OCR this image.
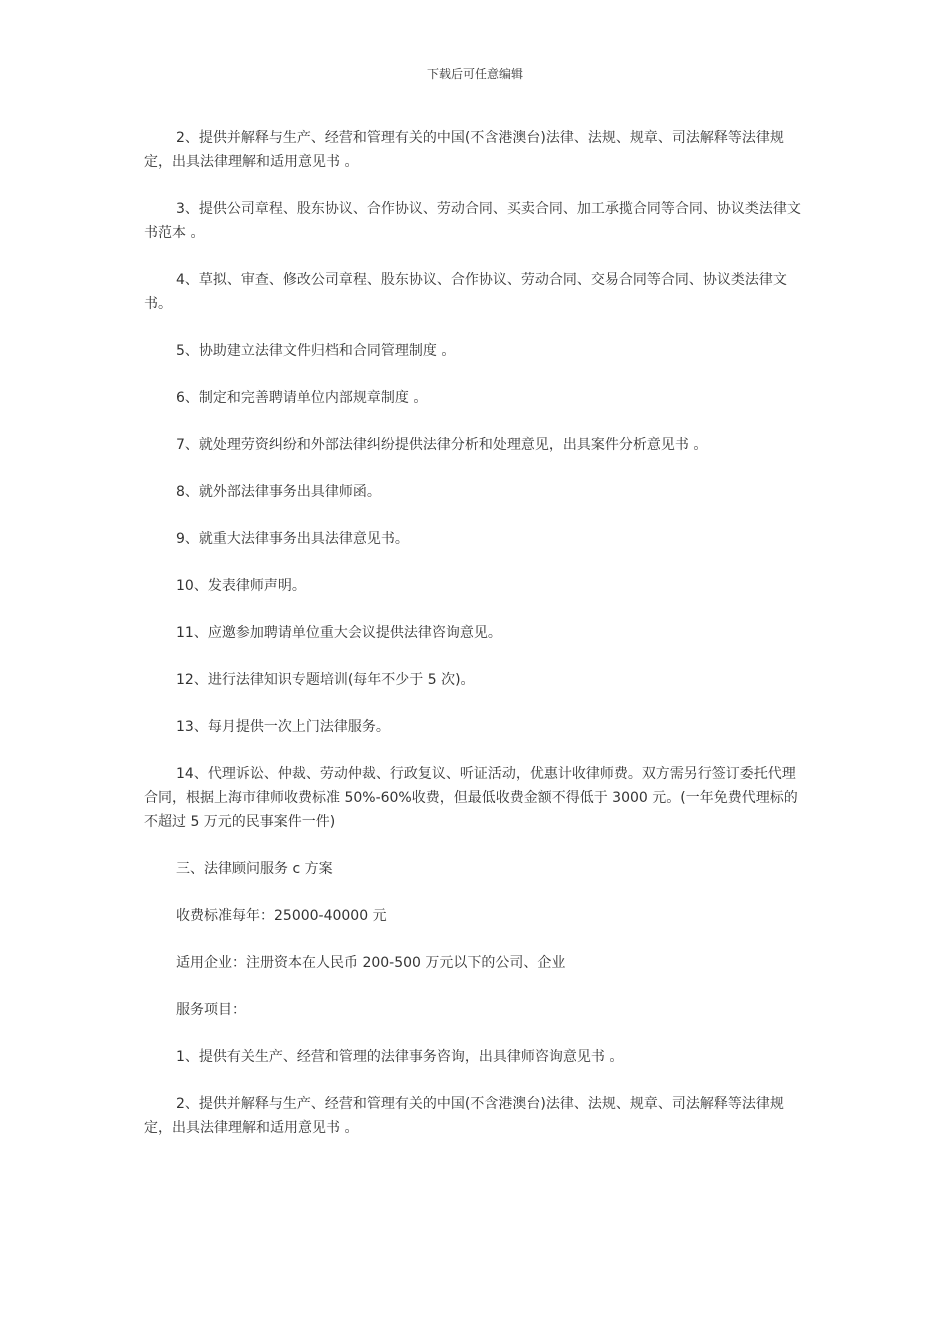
下载后可任意编辑

2、提供并解释与生产、经营和管理有关的中国(不含港澳台)法律、法规、规章、司法解释等法律规定，出具法律理解和适用意见书 。

3、提供公司章程、股东协议、合作协议、劳动合同、买卖合同、加工承揽合同等合同、协议类法律文书范本 。

4、草拟、审查、修改公司章程、股东协议、合作协议、劳动合同、交易合同等合同、协议类法律文书。

5、协助建立法律文件归档和合同管理制度 。

6、制定和完善聘请单位内部规章制度 。

7、就处理劳资纠纷和外部法律纠纷提供法律分析和处理意见，出具案件分析意见书 。

8、就外部法律事务出具律师函。

9、就重大法律事务出具法律意见书。

10、发表律师声明。

11、应邀参加聘请单位重大会议提供法律咨询意见。

12、进行法律知识专题培训(每年不少于 5 次)。

13、每月提供一次上门法律服务。

14、代理诉讼、仲裁、劳动仲裁、行政复议、听证活动，优惠计收律师费。双方需另行签订委托代理合同，根据上海市律师收费标准 50%-60%收费，但最低收费金额不得低于 3000 元。(一年免费代理标的不超过 5 万元的民事案件一件)

三、法律顾问服务 c 方案

收费标准每年：25000-40000 元

适用企业：注册资本在人民币 200-500 万元以下的公司、企业

服务项目：

1、提供有关生产、经营和管理的法律事务咨询，出具律师咨询意见书 。

2、提供并解释与生产、经营和管理有关的中国(不含港澳台)法律、法规、规章、司法解释等法律规定，出具法律理解和适用意见书 。
